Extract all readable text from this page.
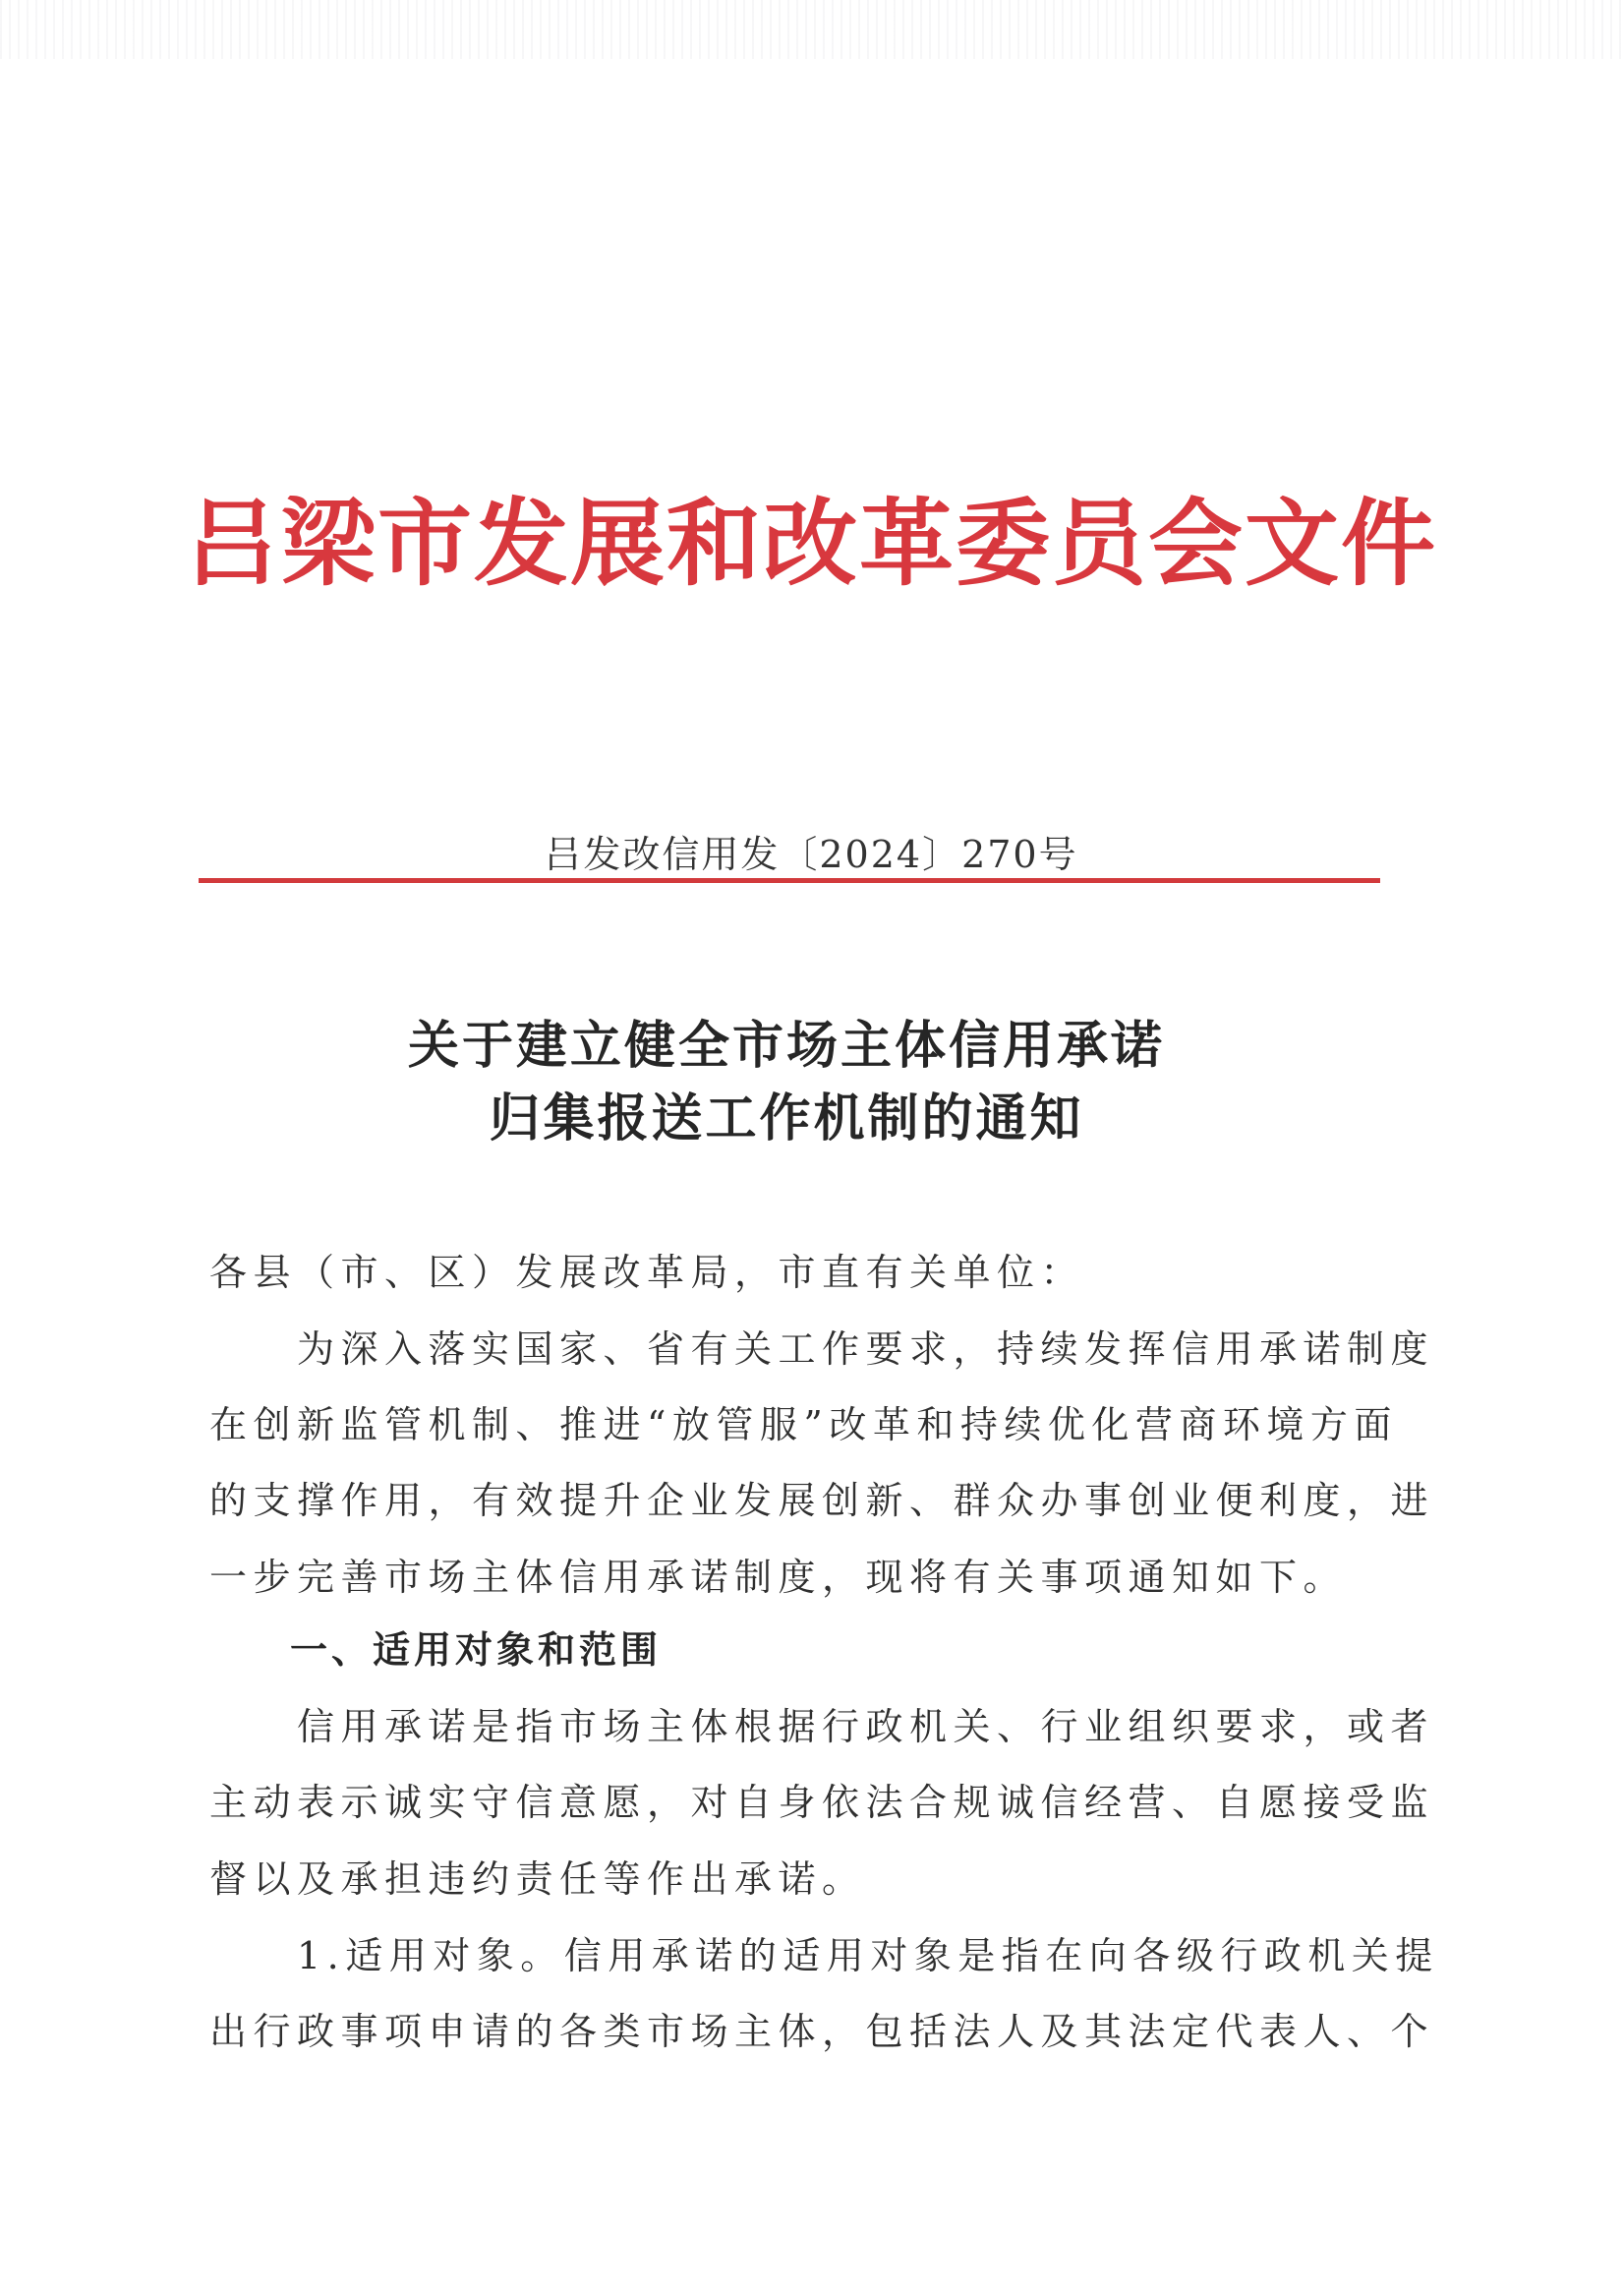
吕梁市发展和改革委员会文件
吕发改信用发〔2024〕270号
关于建立健全市场主体信用承诺
归集报送工作机制的通知
各县（市、区）发展改革局，市直有关单位：
　　为深入落实国家、省有关工作要求，持续发挥信用承诺制度
在创新监管机制、推进“放管服”改革和持续优化营商环境方面
的支撑作用，有效提升企业发展创新、群众办事创业便利度，进
一步完善市场主体信用承诺制度，现将有关事项通知如下。
一、适用对象和范围
　　信用承诺是指市场主体根据行政机关、行业组织要求，或者
主动表示诚实守信意愿，对自身依法合规诚信经营、自愿接受监
督以及承担违约责任等作出承诺。
　　1.适用对象。信用承诺的适用对象是指在向各级行政机关提
出行政事项申请的各类市场主体，包括法人及其法定代表人、个
